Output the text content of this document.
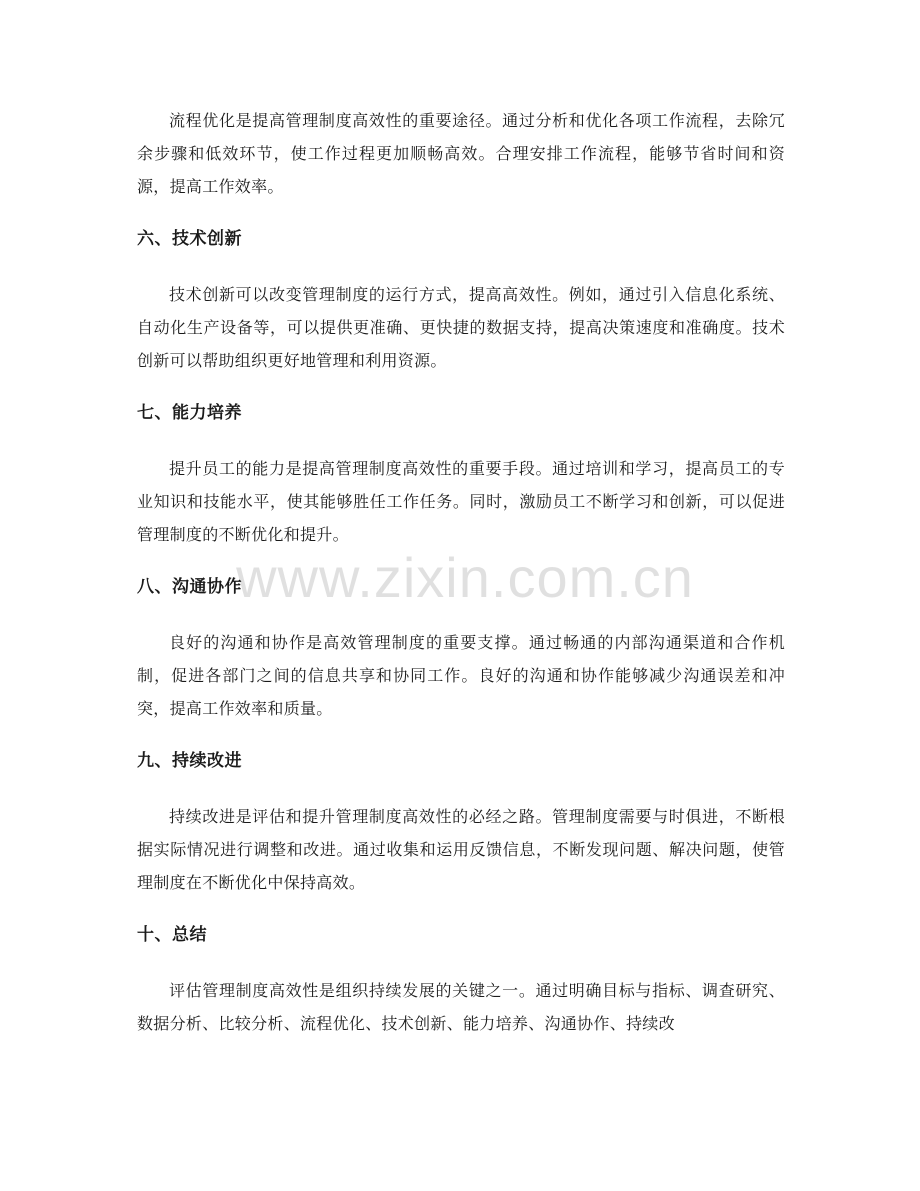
流程优化是提高管理制度高效性的重要途径。通过分析和优化各项工作流程，去除冗余步骤和低效环节，使工作过程更加顺畅高效。合理安排工作流程，能够节省时间和资源，提高工作效率。

六、技术创新

技术创新可以改变管理制度的运行方式，提高高效性。例如，通过引入信息化系统、自动化生产设备等，可以提供更准确、更快捷的数据支持，提高决策速度和准确度。技术创新可以帮助组织更好地管理和利用资源。

七、能力培养

提升员工的能力是提高管理制度高效性的重要手段。通过培训和学习，提高员工的专业知识和技能水平，使其能够胜任工作任务。同时，激励员工不断学习和创新，可以促进管理制度的不断优化和提升。

八、沟通协作

良好的沟通和协作是高效管理制度的重要支撑。通过畅通的内部沟通渠道和合作机制，促进各部门之间的信息共享和协同工作。良好的沟通和协作能够减少沟通误差和冲突，提高工作效率和质量。

九、持续改进

持续改进是评估和提升管理制度高效性的必经之路。管理制度需要与时俱进，不断根据实际情况进行调整和改进。通过收集和运用反馈信息，不断发现问题、解决问题，使管理制度在不断优化中保持高效。

十、总结

评估管理制度高效性是组织持续发展的关键之一。通过明确目标与指标、调查研究、数据分析、比较分析、流程优化、技术创新、能力培养、沟通协作、持续改

www.zixin.com.cn
